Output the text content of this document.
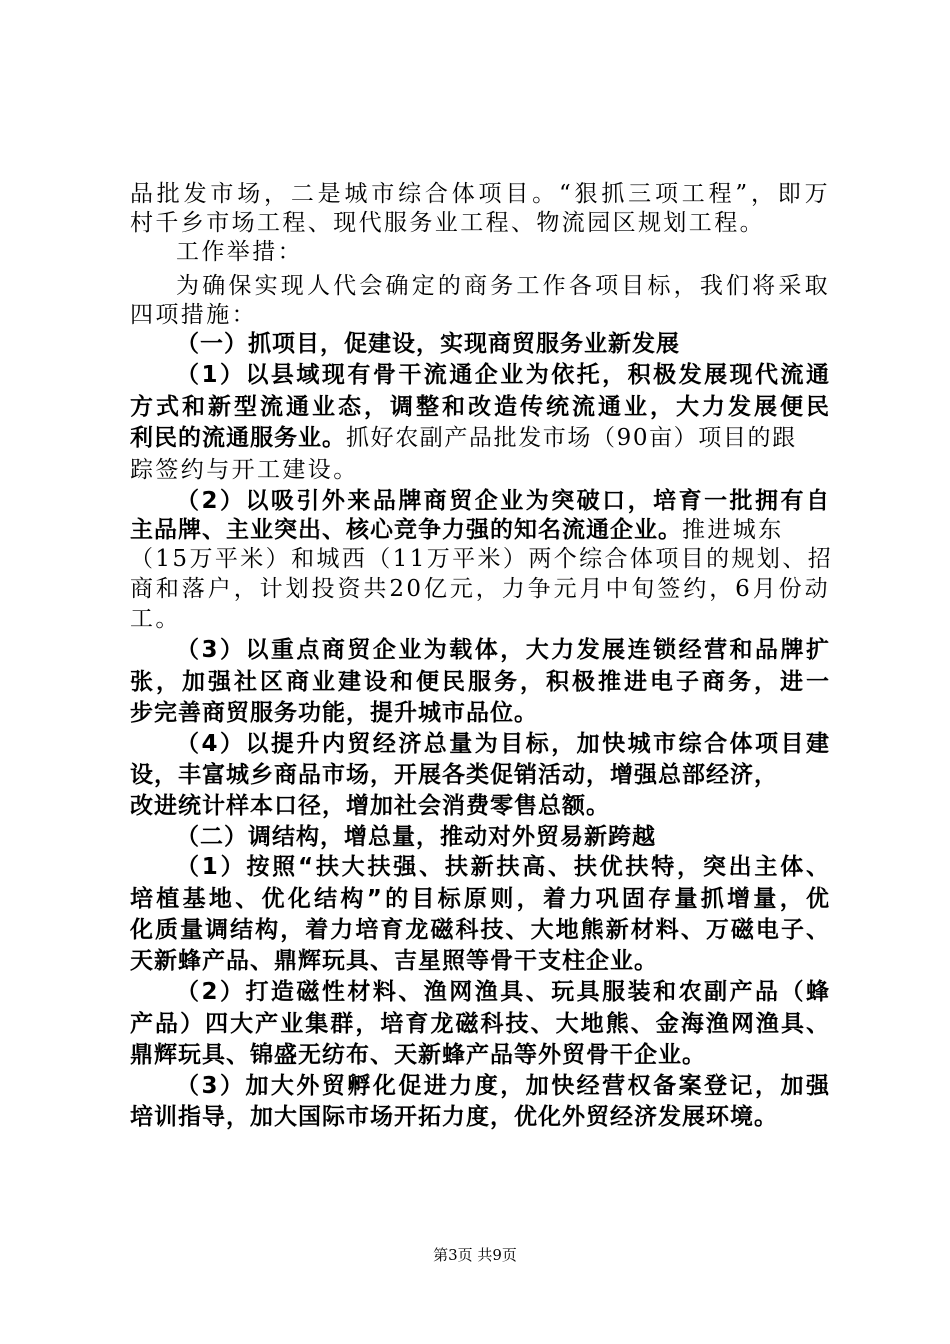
品批发市场，二是城市综合体项目。“狠抓三项工程”，即万
村千乡市场工程、现代服务业工程、物流园区规划工程。
工作举措：
为确保实现人代会确定的商务工作各项目标，我们将采取
四项措施：
（一）抓项目，促建设，实现商贸服务业新发展
（1）以县域现有骨干流通企业为依托，积极发展现代流通
方式和新型流通业态，调整和改造传统流通业，大力发展便民
利民的流通服务业。抓好农副产品批发市场（90亩）项目的跟
踪签约与开工建设。
（2）以吸引外来品牌商贸企业为突破口，培育一批拥有自
主品牌、主业突出、核心竞争力强的知名流通企业。推进城东
（15万平米）和城西（11万平米）两个综合体项目的规划、招
商和落户，计划投资共20亿元，力争元月中旬签约，6月份动
工。
（3）以重点商贸企业为载体，大力发展连锁经营和品牌扩
张，加强社区商业建设和便民服务，积极推进电子商务，进一
步完善商贸服务功能，提升城市品位。
（4）以提升内贸经济总量为目标，加快城市综合体项目建
设，丰富城乡商品市场，开展各类促销活动，增强总部经济，
改进统计样本口径，增加社会消费零售总额。
（二）调结构，增总量，推动对外贸易新跨越
（1）按照“扶大扶强、扶新扶高、扶优扶特，突出主体、
培植基地、优化结构”的目标原则，着力巩固存量抓增量，优
化质量调结构，着力培育龙磁科技、大地熊新材料、万磁电子、
天新蜂产品、鼎辉玩具、吉星照等骨干支柱企业。
（2）打造磁性材料、渔网渔具、玩具服装和农副产品（蜂
产品）四大产业集群，培育龙磁科技、大地熊、金海渔网渔具、
鼎辉玩具、锦盛无纺布、天新蜂产品等外贸骨干企业。
（3）加大外贸孵化促进力度，加快经营权备案登记，加强
培训指导，加大国际市场开拓力度，优化外贸经济发展环境。
第3页 共9页
